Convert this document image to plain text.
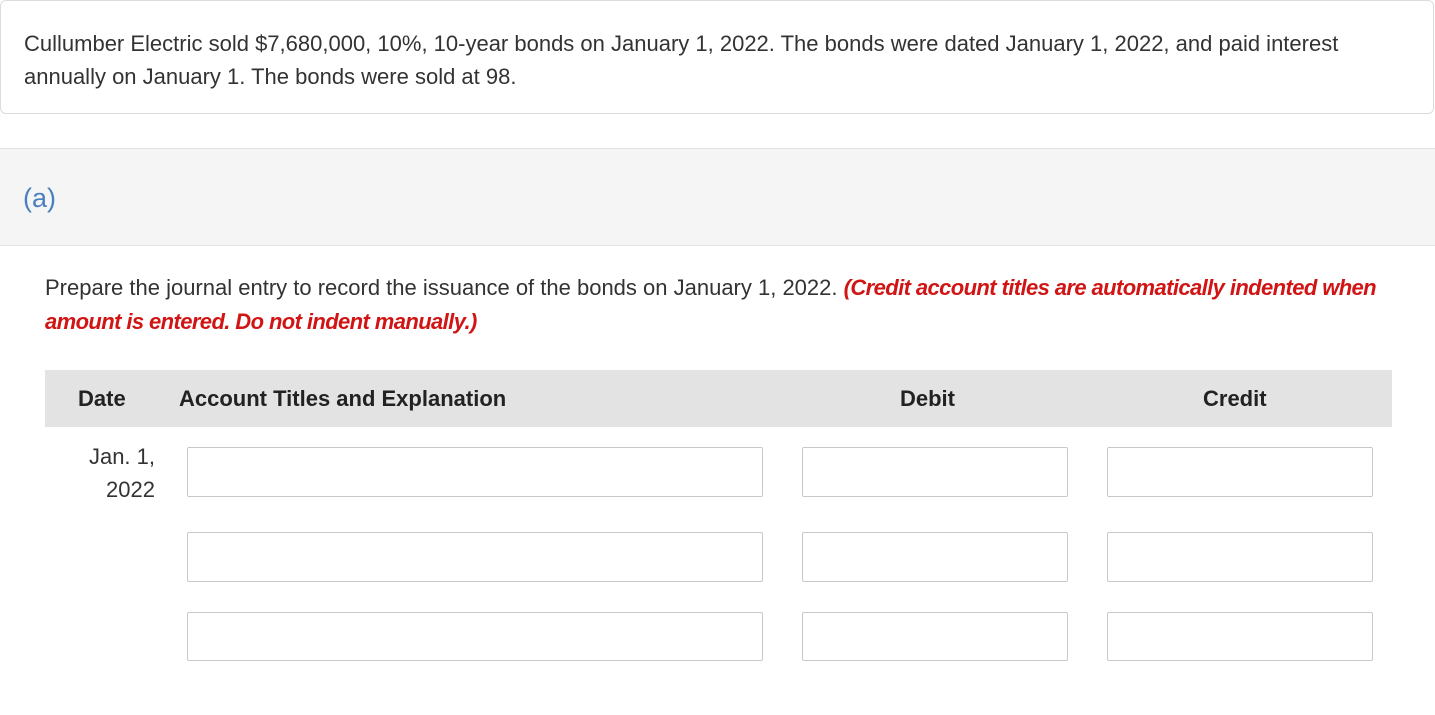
Cullumber Electric sold $7,680,000, 10%, 10-year bonds on January 1, 2022. The bonds were dated January 1, 2022, and paid interest annually on January 1. The bonds were sold at 98.
(a)
Prepare the journal entry to record the issuance of the bonds on January 1, 2022. (Credit account titles are automatically indented when amount is entered. Do not indent manually.)
Date Account Titles and Explanation	Debit	Credit
Jan. 1,
2022
